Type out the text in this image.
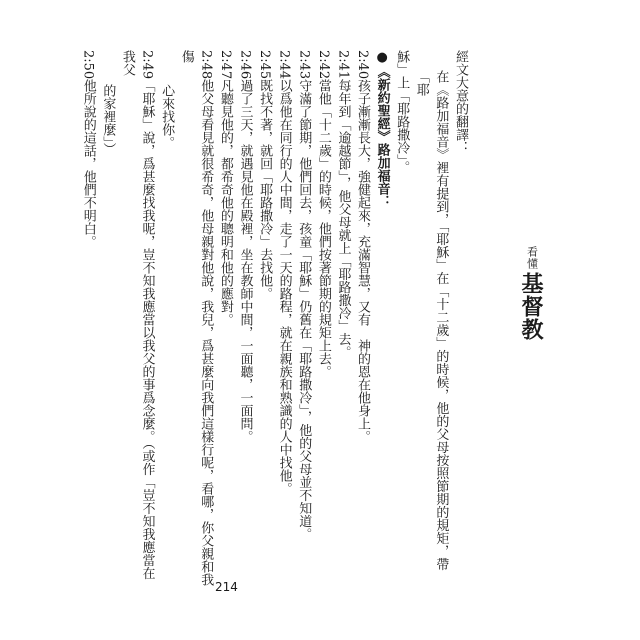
看懂
基督教

經文大意的翻譯：

在《路加福音》裡有提到，「耶穌」在「十二歲」的時候，他的父母按照節期的規矩，帶「耶

穌」上「耶路撒冷」。

●《新約聖經》路加福音：

2:40孩子漸漸長大，強健起來，充滿智慧，又有　神的恩在他身上。

2:41每年到「逾越節」，他父母就上「耶路撒冷」去。

2:42當他「十二歲」的時候，他們按著節期的規矩上去。

2:43守滿了節期，他們回去，孩童「耶穌」仍舊在「耶路撒冷」，他的父母並不知道。

2:44以爲他在同行的人中間，走了一天的路程，就在親族和熟識的人中找他。

2:45既找不著，就回「耶路撒冷」去找他。

2:46過了三天，就遇見他在殿裡，坐在教師中間，一面聽，一面問。

2:47凡聽見他的，都希奇他的聰明和他的應對。

2:48他父母看見就很希奇，他母親對他說，我兒，爲甚麼向我們這樣行呢，看哪，你父親和我傷

心來找你。

2:49「耶穌」說，爲甚麼找我呢，豈不知我應當以我父的事爲念麼。（或作「豈不知我應當在我父

的家裡麼」）

2:50他所說的這話，他們不明白。

214
